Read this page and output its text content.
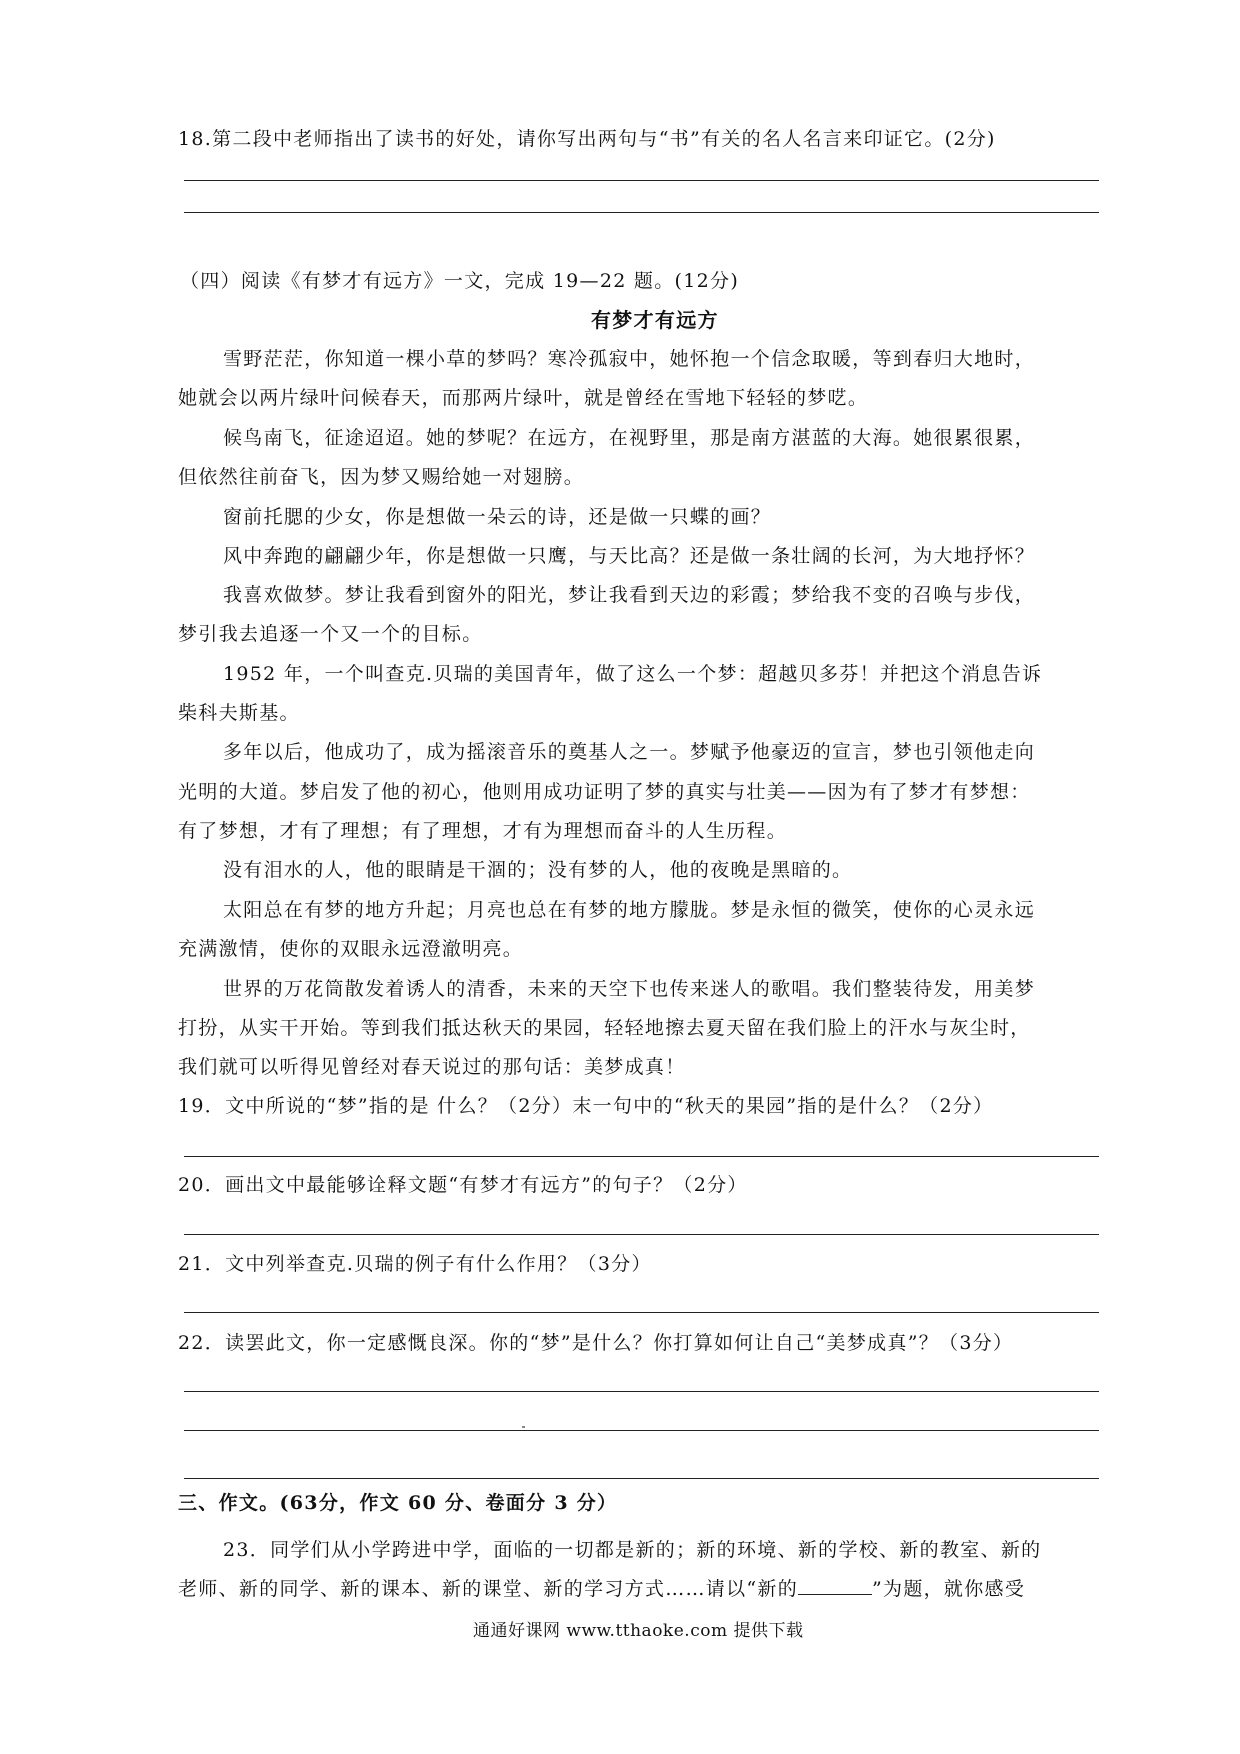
18.第二段中老师指出了读书的好处，请你写出两句与“书”有关的名人名言来印证它。(2分)
（四）阅读《有梦才有远方》一文，完成 19—22 题。(12分)
有梦才有远方
雪野茫茫，你知道一棵小草的梦吗？寒冷孤寂中，她怀抱一个信念取暖，等到春归大地时，
她就会以两片绿叶问候春天，而那两片绿叶，就是曾经在雪地下轻轻的梦呓。
候鸟南飞，征途迢迢。她的梦呢？在远方，在视野里，那是南方湛蓝的大海。她很累很累，
但依然往前奋飞，因为梦又赐给她一对翅膀。
窗前托腮的少女，你是想做一朵云的诗，还是做一只蝶的画？
风中奔跑的翩翩少年，你是想做一只鹰，与天比高？还是做一条壮阔的长河，为大地抒怀？
我喜欢做梦。梦让我看到窗外的阳光，梦让我看到天边的彩霞；梦给我不变的召唤与步伐，
梦引我去追逐一个又一个的目标。
1952 年，一个叫查克.贝瑞的美国青年，做了这么一个梦：超越贝多芬！并把这个消息告诉
柴科夫斯基。
多年以后，他成功了，成为摇滚音乐的奠基人之一。梦赋予他豪迈的宣言，梦也引领他走向
光明的大道。梦启发了他的初心，他则用成功证明了梦的真实与壮美——因为有了梦才有梦想：
有了梦想，才有了理想；有了理想，才有为理想而奋斗的人生历程。
没有泪水的人，他的眼睛是干涸的；没有梦的人，他的夜晚是黑暗的。
太阳总在有梦的地方升起；月亮也总在有梦的地方朦胧。梦是永恒的微笑，使你的心灵永远
充满激情，使你的双眼永远澄澈明亮。
世界的万花筒散发着诱人的清香，未来的天空下也传来迷人的歌唱。我们整装待发，用美梦
打扮，从实干开始。等到我们抵达秋天的果园，轻轻地擦去夏天留在我们脸上的汗水与灰尘时，
我们就可以听得见曾经对春天说过的那句话：美梦成真！
19．文中所说的“梦”指的是 什么？（2分）末一句中的“秋天的果园”指的是什么？（2分）
20．画出文中最能够诠释文题“有梦才有远方”的句子？（2分）
21．文中列举查克.贝瑞的例子有什么作用？（3分）
22．读罢此文，你一定感慨良深。你的“梦”是什么？你打算如何让自己“美梦成真”？（3分）
三、作文。(63分，作文 60 分、卷面分 3 分）
23．同学们从小学跨进中学，面临的一切都是新的；新的环境、新的学校、新的教室、新的
老师、新的同学、新的课本、新的课堂、新的学习方式……请以“新的	”为题，就你感受
通通好课网 www.tthaoke.com 提供下载
